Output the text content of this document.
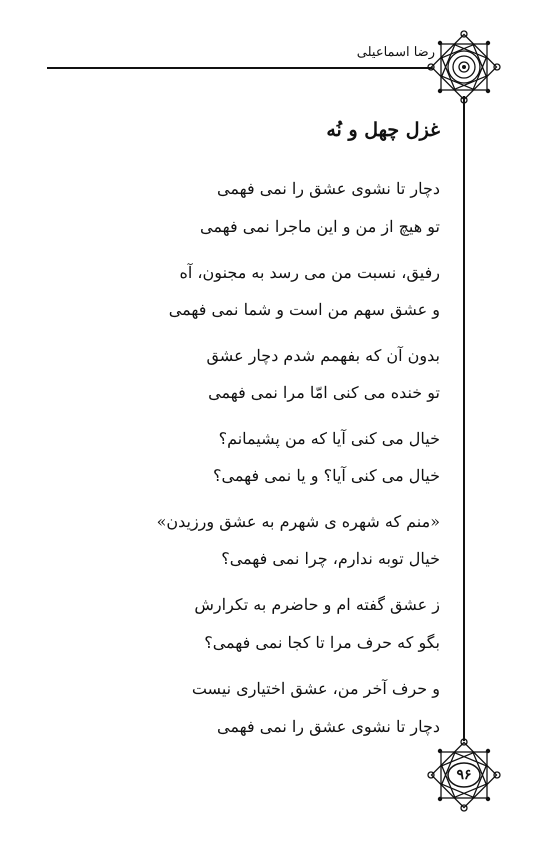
رضا اسماعیلی
غزل چهل و نُه
دچار تا نشوی عشق را نمی فهمی
تو هیچ از من و این ماجرا نمی فهمی
رفیق، نسبت من می رسد به مجنون، آه
و عشق سهم من است و شما نمی فهمی
بدون آن که بفهمم شدم دچار عشق
تو خنده می کنی امّا مرا نمی فهمی
خیال می کنی آیا که من پشیمانم؟
خیال می کنی آیا؟ و یا نمی فهمی؟
«منم که شهره ی شهرم به عشق ورزیدن»
خیال توبه ندارم، چرا نمی فهمی؟
ز عشق گفته ام و حاضرم به تکرارش
بگو که حرف مرا تا کجا نمی فهمی؟
و حرف آخر من، عشق اختیاری نیست
دچار تا نشوی عشق را نمی فهمی
۹۶
